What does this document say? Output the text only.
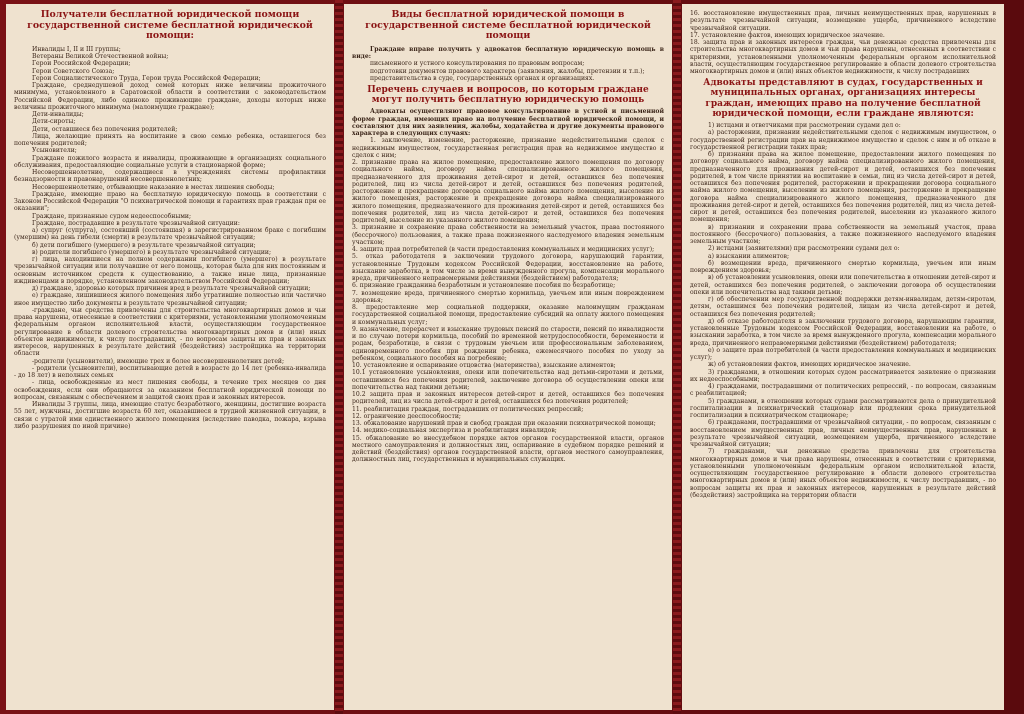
Получатели бесплатной юридической помощи государственной системе бесплатной юридической помощи:

Инвалиды I, II и III группы;

Ветераны Великой Отечественной войны;

Герои Российской Федерации;

Герои Советского Союза;

Герои Социалистического Труда, Герои труда Российской Федерации;

Граждане, среднедушевой доход семей которых ниже величины прожиточного минимума, установленного в Саратовской области в соответствии с законодательством Российской Федерации, либо одиноко проживающие граждане, доходы которых ниже величины прожиточного минимума (малоимущие граждане);

Дети-инвалиды;

Дети-сироты;

Дети, оставшиеся без попечения родителей;

Лица, желающие принять на воспитание в свою семью ребенка, оставшегося без попечения родителей;

Усыновители;

Граждане пожилого возраста и инвалиды, проживающие в организациях социального обслуживания, предоставляющие социальные услуги в стационарной форме;

Несовершеннолетние, содержащиеся в учреждениях системы профилактики безнадзорности и правонарушений несовершеннолетних;

Несовершеннолетние, отбывающие наказание в местах лишения свободы;

Граждане, имеющие право на бесплатную юридическую помощь в соответствии с Законом Российской Федерации "О психиатрической помощи и гарантиях прав граждан при ее оказании";

Граждане, признанные судом недееспособными;

Граждане, пострадавшие в результате чрезвычайной ситуации:

а) супруг (супруга), состоявший (состоявшая) в зарегистрированном браке с погибшим (умершим) на день гибели (смерти) в результате чрезвычайной ситуации;

б) дети погибшего (умершего) в результате чрезвычайной ситуации;

в) родители погибшего (умершего) в результате чрезвычайной ситуации;

г) лица, находившиеся на полном содержании погибшего (умершего) в результате чрезвычайной ситуации или получавшие от него помощь, которая была для них постоянным и основным источником средств к существованию, а также иные лица, признанные иждивенцами в порядке, установленном законодательством Российской Федерации;

д) граждане, здоровью которых причинен вред в результате чрезвычайной ситуации;

е) граждане, лишившиеся жилого помещения либо утратившие полностью или частично иное имущество либо документы в результате чрезвычайной ситуации;

-граждане, чьи средства привлечены для строительства многоквартирных домов и чьи права нарушены, отнесенные в соответствии с критериями, установленными уполномоченным федеральным органом исполнительной власти, осуществляющим государственное регулирование в области долевого строительства многоквартирных домов и (или) иных объектов недвижимости, к числу пострадавших, - по вопросам защиты их прав и законных интересов, нарушенных в результате действий (бездействия) застройщика на территории области

-родители (усыновители), имеющие трех и более несовершеннолетних детей;

- родители (усыновители), воспитывающие детей в возрасте до 14 лет (ребенка-инвалида - до 18 лет) в неполных семьях

- лица, освобожденные из мест лишения свободы, в течение трех месяцев со дня освобождения, если они обращаются за оказанием бесплатной юридической помощи по вопросам, связанным с обеспечением и защитой своих прав и законных интересов.

Инвалиды 3 группы, лица, имеющие статус безработного, женщины, достигшие возраста 55 лет, мужчины, достигшие возраста 60 лет, оказавшиеся в трудной жизненной ситуации, в связи с утратой ими единственного жилого помещения (вследствие паводка, пожара, взрыва либо разрушения по иной причине)

Виды бесплатной юридической помощи в государственной системе бесплатной юридической помощи

Граждане вправе получить у адвокатов бесплатную юридическую помощь в виде:

письменного и устного консультирования по правовым вопросам;

подготовки документов правового характера (заявления, жалобы, претензии и т.п.);

представительства в суде, государственных органах и организациях.

Перечень случаев и вопросов, по которым граждане могут получить бесплатную юридическую помощь

Адвокаты осуществляют правовое консультирование в устной и письменной форме граждан, имеющих право на получение бесплатной юридической помощи, и составляют для них заявления, жалобы, ходатайства и другие документы правового характера в следующих случаях:

1. заключение, изменение, расторжение, признание недействительными сделок с недвижимым имуществом, государственная регистрация прав на недвижимое имущество и сделок с ним;

2. признание права на жилое помещение, предоставление жилого помещения по договору социального найма, договору найма специализированного жилого помещения, предназначенного для проживания детей-сирот и детей, оставшихся без попечения родителей, лиц из числа детей-сирот и детей, оставшихся без попечения родителей, расторжение и прекращение договора социального найма жилого помещения, выселение из жилого помещения, расторжение и прекращение договора найма специализированного жилого помещения, предназначенного для проживания детей-сирот и детей, оставшихся без попечения родителей, лиц из числа детей-сирот и детей, оставшихся без попечения родителей, выселение из указанного жилого помещения;

3. признание и сохранение права собственности на земельный участок, права постоянного (бессрочного) пользования, а также права пожизненного наследуемого владения земельным участком;

4. защита прав потребителей (в части предоставления коммунальных и медицинских услуг);

5. отказ работодателя в заключении трудового договора, нарушающий гарантии, установленные Трудовым кодексом Российской Федерации, восстановление на работе, взыскание заработка, в том числе за время вынужденного прогула, компенсации морального вреда, причиненного неправомерными действиями (бездействием) работодателя;

6. признание гражданина безработным и установление пособия по безработице;

7. возмещение вреда, причиненного смертью кормильца, увечьем или иным повреждением здоровья;

8. предоставление мер социальной поддержки, оказание малоимущим гражданам государственной социальной помощи, предоставление субсидий на оплату жилого помещения и коммунальных услуг;

9. назначение, перерасчет и взыскание трудовых пенсий по старости, пенсий по инвалидности и по случаю потери кормильца, пособий по временной нетрудоспособности, беременности и родам, безработице, в связи с трудовым увечьем или профессиональным заболеванием, единовременного пособия при рождении ребенка, ежемесячного пособия по уходу за ребенком, социального пособия на погребение;

10. установление и оспаривание отцовства (материнства), взыскание алиментов;

10.1 установление усыновления, опеки или попечительства над детьми-сиротами и детьми, оставшимися без попечения родителей, заключение договора об осуществлении опеки или попечительства над такими детьми;

10.2 защита прав и законных интересов детей-сирот и детей, оставшихся без попечения родителей, лиц из числа детей-сирот и детей, оставшихся без попечения родителей;

11. реабилитация граждан, пострадавших от политических репрессий;

12. ограничение дееспособности;

13. обжалование нарушений прав и свобод граждан при оказании психиатрической помощи;

14. медико-социальная экспертиза и реабилитация инвалидов;

15. обжалование во внесудебном порядке актов органов государственной власти, органов местного самоуправления и должностных лиц, оспаривание в судебном порядке решений и действий (бездействия) органов государственной власти, органов местного самоуправления, должностных лиц, государственных и муниципальных служащих.

16. восстановление имущественных прав, личных неимущественных прав, нарушенных в результате чрезвычайной ситуации, возмещение ущерба, причиненного вследствие чрезвычайной ситуации.

17. установление фактов, имеющих юридическое значение.

18. защита прав и законных интересов граждан, чьи денежные средства привлечены для строительства многоквартирных домов и чьи права нарушены, отнесенных в соответствии с критериями, установленными уполномоченным федеральным органом исполнительной власти, осуществляющим государственное регулирование в области долевого строительства многоквартирных домов и (или) иных объектов недвижимости, к числу пострадавших

Адвокаты представляют в судах, государственных и муниципальных органах, организациях интересы граждан, имеющих право на получение бесплатной юридической помощи, если граждане являются:

1) истцами и ответчиками при рассмотрении судами дел о:

а) расторжении, признании недействительными сделок с недвижимым имуществом, о государственной регистрации прав на недвижимое имущество и сделок с ним и об отказе в государственной регистрации таких прав;

б) признании права на жилое помещение, предоставлении жилого помещения по договору социального найма, договору найма специализированного жилого помещения, предназначенного для проживания детей-сирот и детей, оставшихся без попечения родителей, в том числе принятии на воспитание в семьи, лиц из числа детей-сирот и детей, оставшихся без попечения родителей, расторжении и прекращении договора социального найма жилого помещения, выселении из жилого помещения, расторжение и прекращение договора найма специализированного жилого помещения, предназначенного для проживания детей-сирот и детей, оставшихся без попечения родителей, лиц из числа детей-сирот и детей, оставшихся без попечения родителей, выселении из указанного жилого помещения;

в) признании и сохранении права собственности на земельный участок, права постоянного (бессрочного) пользования, а также пожизненного наследуемого владения земельным участком;

2) истцами (заявителями) при рассмотрении судами дел о:

а) взыскании алиментов;

б) возмещении вреда, причиненного смертью кормильца, увечьем или иным повреждением здоровья;

в) об установлении усыновления, опеки или попечительства в отношении детей-сирот и детей, оставшихся без попечения родителей, о заключении договора об осуществлении опеки или попечительства над такими детьми;

г) об обеспечении мер государственной поддержки детям-инвалидам, детям-сиротам, детям, оставшимся без попечения родителей, лицам из числа детей-сирот и детей, оставшихся без попечения родителей;

д) об отказе работодателя в заключении трудового договора, нарушающим гарантии, установленные Трудовым кодексом Российской Федерации, восстановлении на работе, о взыскании заработка, в том числе за время вынужденного прогула, компенсации морального вреда, причиненного неправомерными действиями (бездействием) работодателя;

е) о защите прав потребителей (в части предоставления коммунальных и медицинских услуг);

ж) об установлении фактов, имеющих юридическое значение.

3) гражданами, в отношении которых судом рассматривается заявление о признании их недееспособными;

4) гражданами, пострадавшими от политических репрессий, - по вопросам, связанным с реабилитацией;

5) гражданами, в отношении которых судами рассматриваются дела о принудительной госпитализации в психиатрический стационар или продлении срока принудительной госпитализации в психиатрическом стационаре;

6) гражданами, пострадавшими от чрезвычайной ситуации, - по вопросам, связанным с восстановлением имущественных прав, личных неимущественных прав, нарушенных в результате чрезвычайной ситуации, возмещением ущерба, причиненного вследствие чрезвычайной ситуации;

7) гражданами, чьи денежные средства привлечены для строительства многоквартирных домов и чьи права нарушены, отнесенных в соответствии с критериями, установленными уполномоченным федеральным органом исполнительной власти, осуществляющим государственное регулирование в области долевого строительства многоквартирных домов и (или) иных объектов недвижимости, к числу пострадавших, - по вопросам защиты их прав и законных интересов, нарушенных в результате действий (бездействия) застройщика на территории области
